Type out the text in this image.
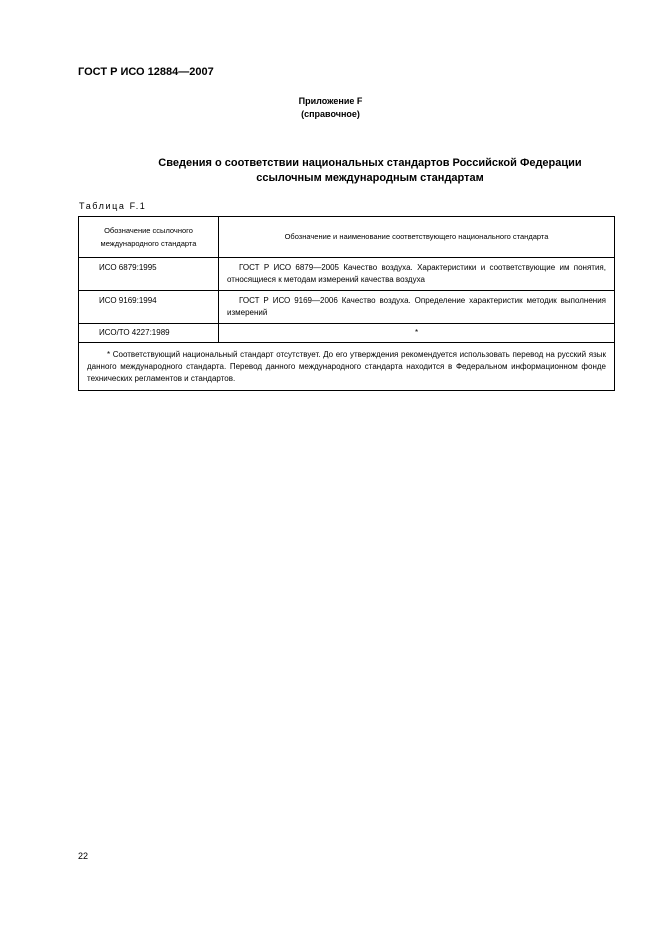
ГОСТ Р ИСО 12884—2007
Приложение F
(справочное)
Сведения о соответствии национальных стандартов Российской Федерации
ссылочным международным стандартам
Таблица F.1
Обозначение ссылочного
международного стандарта	Обозначение и наименование соответствующего национального стандарта
ИСО 6879:1995	ГОСТ Р ИСО 6879—2005 Качество воздуха. Характеристики и соответствующие им понятия, относящиеся к методам измерений качества воздуха
ИСО 9169:1994	ГОСТ Р ИСО 9169—2006 Качество воздуха. Определение характеристик методик выполнения измерений
ИСО/ТО 4227:1989	*
* Соответствующий национальный стандарт отсутствует. До его утверждения рекомендуется использовать перевод на русский язык данного международного стандарта. Перевод данного международного стандарта находится в Федеральном информационном фонде технических регламентов и стандартов.	
22
